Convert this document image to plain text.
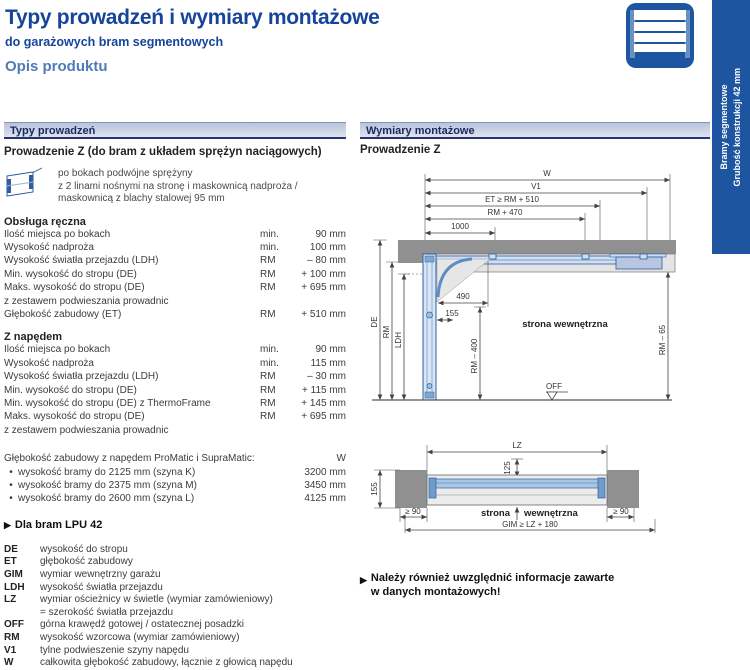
Typy prowadzeń i wymiary montażowe
do garażowych bram segmentowych
Opis produktu
Bramy segmentowe Grubość konstrukcji 42 mm
Typy prowadzeń
Prowadzenie Z (do bram z układem sprężyn naciągowych)
po bokach podwójne sprężyny
z 2 linami nośnymi na stronę i maskownicą nadproża /
maskownicą z blachy stalowej 95 mm
Obsługa ręczna
Ilość miejsca po bokach	min.	90 mm
Wysokość nadproża	min.	100 mm
Wysokość światła przejazdu (LDH)	RM	– 80 mm
Min. wysokość do stropu (DE)	RM	+ 100 mm
Maks. wysokość do stropu (DE)	RM	+ 695 mm
z zestawem podwieszania prowadnic
Głębokość zabudowy (ET)	RM	+ 510 mm
Z napędem
Ilość miejsca po bokach	min.	90 mm
Wysokość nadproża	min.	115 mm
Wysokość światła przejazdu (LDH)	RM	– 30 mm
Min. wysokość do stropu (DE)	RM	+ 115 mm
Min. wysokość do stropu (DE) z ThermoFrame	RM	+ 145 mm
Maks. wysokość do stropu (DE)	RM	+ 695 mm
z zestawem podwieszania prowadnic
Głębokość zabudowy z napędem ProMatic i SupraMatic:	W
• wysokość bramy do 2125 mm (szyna K)	3200 mm
• wysokość bramy do 2375 mm (szyna M)	3450 mm
• wysokość bramy do 2600 mm (szyna L)	4125 mm
▶ Dla bram LPU 42
DE	wysokość do stropu
ET	głębokość zabudowy
GIM	wymiar wewnętrzny garażu
LDH	wysokość światła przejazdu
LZ	wymiar ościeżnicy w świetle (wymiar zamówieniowy)
= szerokość światła przejazdu
OFF	górna krawędź gotowej / ostatecznej posadzki
RM	wysokość wzorcowa (wymiar zamówieniowy)
V1	tylne podwieszenie szyny napędu
W	całkowita głębokość zabudowy, łącznie z głowicą napędu
Wymiary montażowe
Prowadzenie Z
W
V1
ET ≥ RM + 510
RM + 470
1000
DE
RM LDH
490
155
RM – 400	RM – 65
strona wewnętrzna
OFF
LZ
125
155
≥ 90	≥ 90
strona wewnętrzna
GIM ≥ LZ + 180
▶ Należy również uwzględnić informacje zawarte
w danych montażowych!
